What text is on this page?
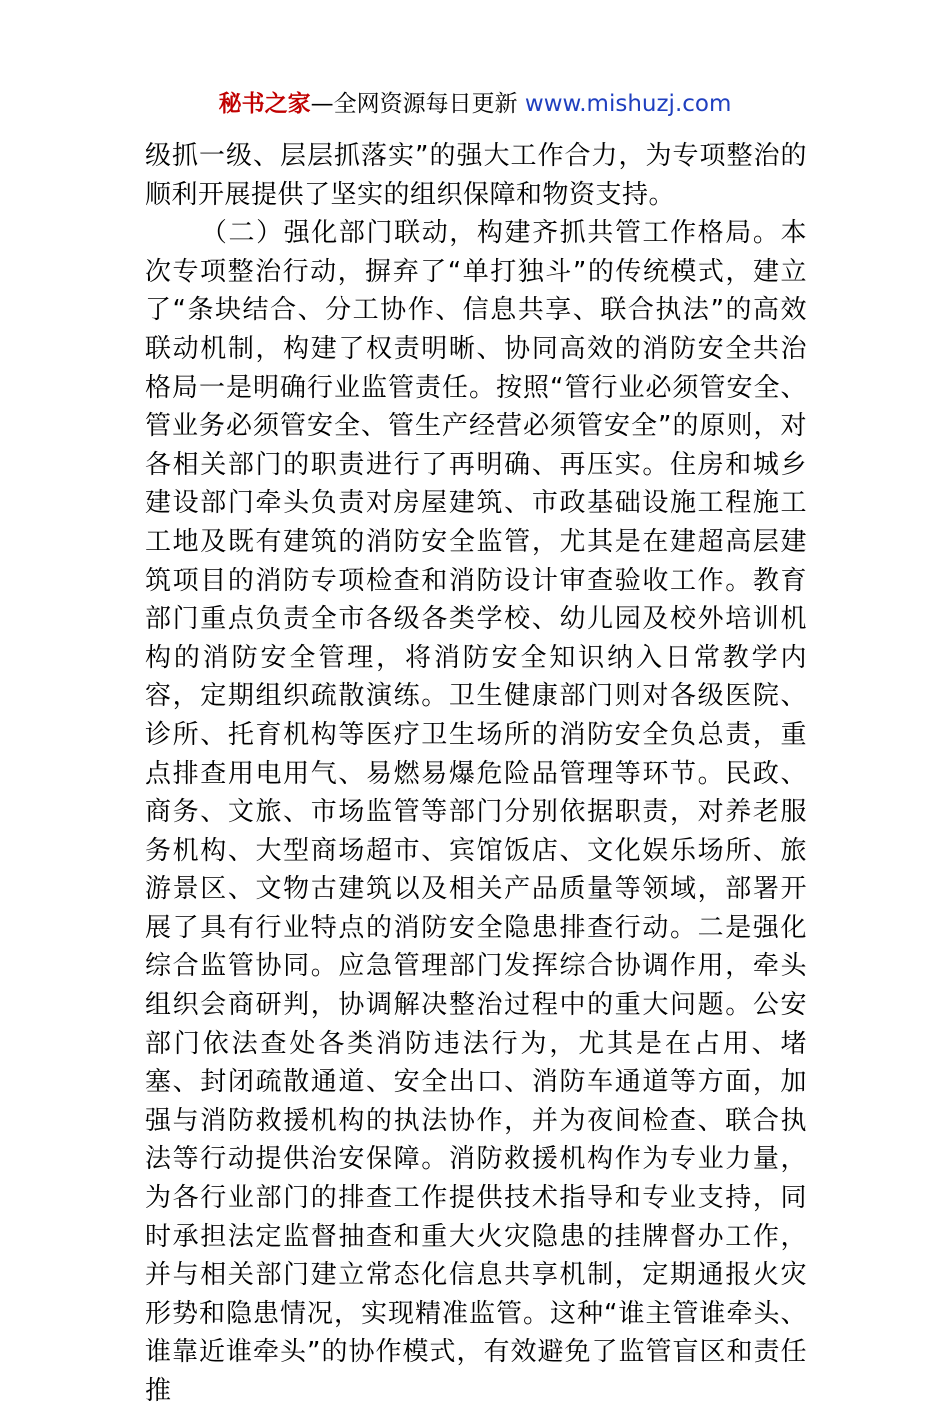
秘书之家—全网资源每日更新 www.mishuzj.com

级抓一级、层层抓落实”的强大工作合力，为专项整治的顺利开展提供了坚实的组织保障和物资支持。

（二）强化部门联动，构建齐抓共管工作格局。本次专项整治行动，摒弃了“单打独斗”的传统模式，建立了“条块结合、分工协作、信息共享、联合执法”的高效联动机制，构建了权责明晰、协同高效的消防安全共治格局一是明确行业监管责任。按照“管行业必须管安全、管业务必须管安全、管生产经营必须管安全”的原则，对各相关部门的职责进行了再明确、再压实。住房和城乡建设部门牵头负责对房屋建筑、市政基础设施工程施工工地及既有建筑的消防安全监管，尤其是在建超高层建筑项目的消防专项检查和消防设计审查验收工作。教育部门重点负责全市各级各类学校、幼儿园及校外培训机构的消防安全管理，将消防安全知识纳入日常教学内容，定期组织疏散演练。卫生健康部门则对各级医院、诊所、托育机构等医疗卫生场所的消防安全负总责，重点排查用电用气、易燃易爆危险品管理等环节。民政、商务、文旅、市场监管等部门分别依据职责，对养老服务机构、大型商场超市、宾馆饭店、文化娱乐场所、旅游景区、文物古建筑以及相关产品质量等领域，部署开展了具有行业特点的消防安全隐患排查行动。二是强化综合监管协同。应急管理部门发挥综合协调作用，牵头组织会商研判，协调解决整治过程中的重大问题。公安部门依法查处各类消防违法行为，尤其是在占用、堵塞、封闭疏散通道、安全出口、消防车通道等方面，加强与消防救援机构的执法协作，并为夜间检查、联合执法等行动提供治安保障。消防救援机构作为专业力量，为各行业部门的排查工作提供技术指导和专业支持，同时承担法定监督抽查和重大火灾隐患的挂牌督办工作，并与相关部门建立常态化信息共享机制，定期通报火灾形势和隐患情况，实现精准监管。这种“谁主管谁牵头、谁靠近谁牵头”的协作模式，有效避免了监管盲区和责任推
